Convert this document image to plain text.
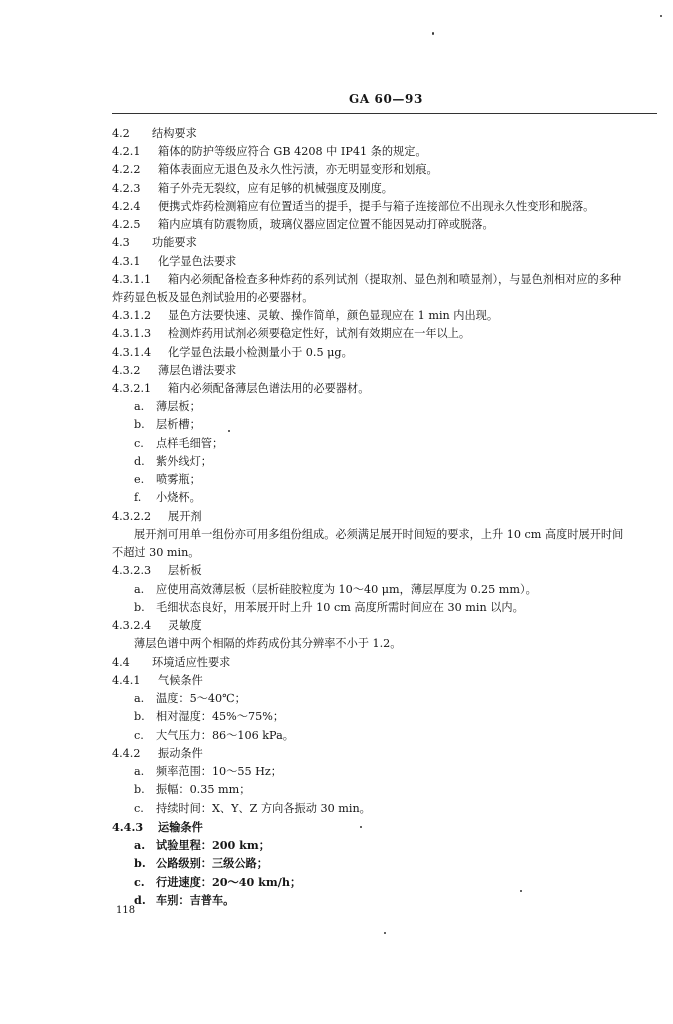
GA 60—93
4.2 结构要求
4.2.1 箱体的防护等级应符合 GB 4208 中 IP41 条的规定。
4.2.2 箱体表面应无退色及永久性污渍，亦无明显变形和划痕。
4.2.3 箱子外壳无裂纹，应有足够的机械强度及刚度。
4.2.4 便携式炸药检测箱应有位置适当的提手，提手与箱子连接部位不出现永久性变形和脱落。
4.2.5 箱内应填有防震物质，玻璃仪器应固定位置不能因晃动打碎或脱落。
4.3 功能要求
4.3.1 化学显色法要求
4.3.1.1 箱内必须配备检查多种炸药的系列试剂（提取剂、显色剂和喷显剂），与显色剂相对应的多种
炸药显色板及显色剂试验用的必要器材。
4.3.1.2 显色方法要快速、灵敏、操作简单，颜色显现应在 1 min 内出现。
4.3.1.3 检测炸药用试剂必须要稳定性好，试剂有效期应在一年以上。
4.3.1.4 化学显色法最小检测量小于 0.5 μg。
4.3.2 薄层色谱法要求
4.3.2.1 箱内必须配备薄层色谱法用的必要器材。
a. 薄层板；
b. 层析槽；
c. 点样毛细管；
d. 紫外线灯；
e. 喷雾瓶；
f. 小烧杯。
4.3.2.2 展开剂
展开剂可用单一组份亦可用多组份组成。必须满足展开时间短的要求，上升 10 cm 高度时展开时间
不超过 30 min。
4.3.2.3 层析板
a. 应使用高效薄层板（层析硅胶粒度为 10～40 μm，薄层厚度为 0.25 mm）。
b. 毛细状态良好，用苯展开时上升 10 cm 高度所需时间应在 30 min 以内。
4.3.2.4 灵敏度
薄层色谱中两个相隔的炸药成份其分辨率不小于 1.2。
4.4 环境适应性要求
4.4.1 气候条件
a. 温度：5～40℃；
b. 相对湿度：45%～75%；
c. 大气压力：86～106 kPa。
4.4.2 振动条件
a. 频率范围：10～55 Hz；
b. 振幅：0.35 mm；
c. 持续时间：X、Y、Z 方向各振动 30 min。
4.4.3 运输条件
a. 试验里程：200 km；
b. 公路级别：三级公路；
c. 行进速度：20～40 km/h；
d. 车别：吉普车。
118
